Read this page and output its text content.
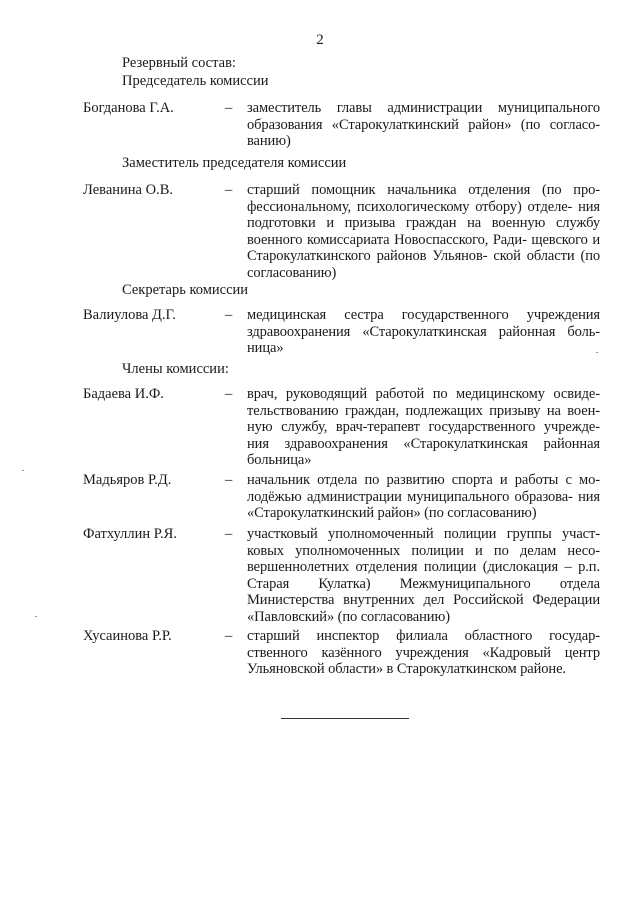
2
Резервный состав:
Председатель комиссии
Богданова Г.А.	– заместитель главы администрации муниципального образования «Старокулаткинский район» (по согласо- ванию)
Заместитель председателя комиссии
Леванина О.В.	– старший помощник начальника отделения (по про- фессиональному, психологическому отбору) отделе- ния подготовки и призыва граждан на военную службу военного комиссариата Новоспасского, Ради- щевского и Старокулаткинского районов Ульянов- ской области (по согласованию)
Секретарь комиссии
Валиулова Д.Г.	– медицинская сестра государственного учреждения здравоохранения «Старокулаткинская районная боль- ница»
Члены комиссии:
Бадаева И.Ф.	– врач, руководящий работой по медицинскому освиде- тельствованию граждан, подлежащих призыву на воен- ную службу, врач-терапевт государственного учрежде- ния здравоохранения «Старокулаткинская районная больница»
Мадьяров Р.Д.	– начальник отдела по развитию спорта и работы с мо- лодёжью администрации муниципального образова- ния «Старокулаткинский район» (по согласованию)
Фатхуллин Р.Я.	– участковый уполномоченный полиции группы участ- ковых уполномоченных полиции и по делам несо- вершеннолетних отделения полиции (дислокация – р.п. Старая Кулатка) Межмуниципального отдела Министерства внутренних дел Российской Федерации «Павловский» (по согласованию)
Хусаинова Р.Р.	– старший инспектор филиала областного государ- ственного казённого учреждения «Кадровый центр Ульяновской области» в Старокулаткинском районе.
